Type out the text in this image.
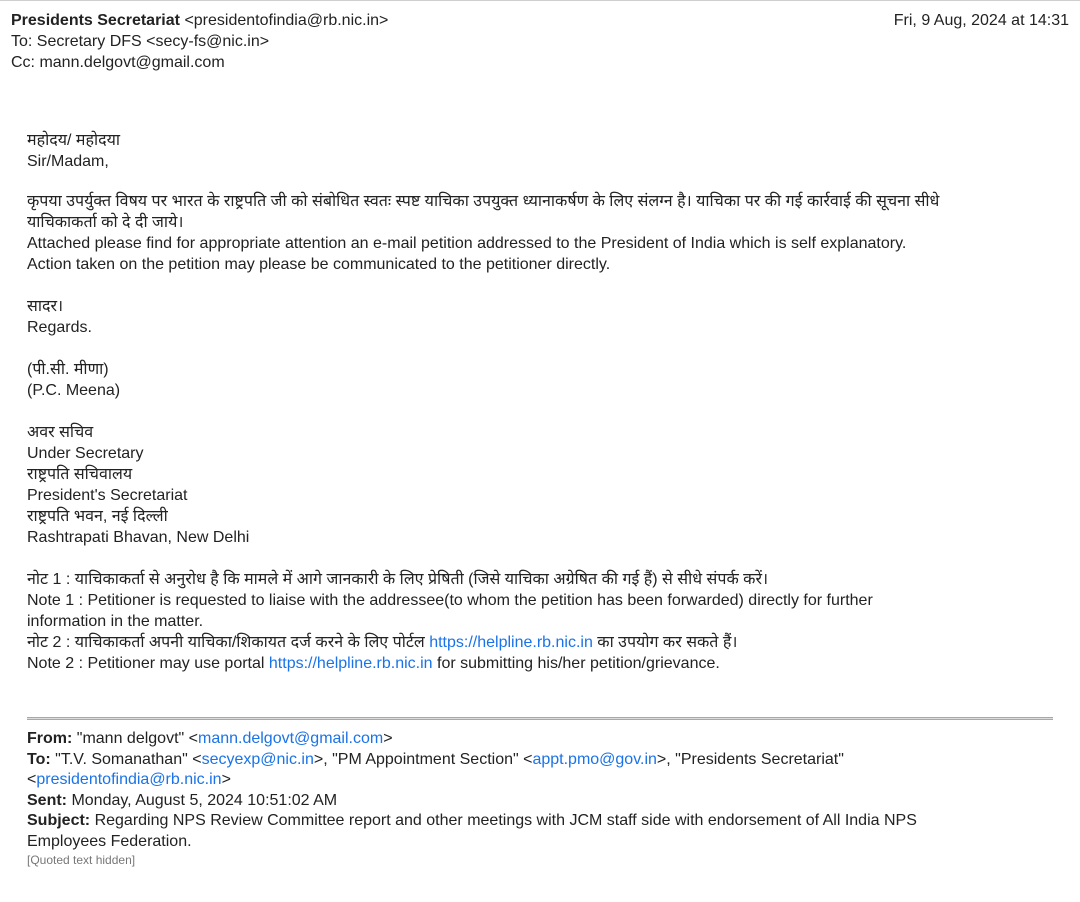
Presidents Secretariat <presidentofindia@rb.nic.in>	Fri, 9 Aug, 2024 at 14:31
To: Secretary DFS <secy-fs@nic.in>
Cc: mann.delgovt@gmail.com

महोदय/ महोदया

Sir/Madam,

कृपया उपर्युक्त विषय पर भारत के राष्ट्रपति जी को संबोधित स्वतः स्पष्ट याचिका उपयुक्त ध्यानाकर्षण के लिए संलग्न है। याचिका पर की गई कार्रवाई की सूचना सीधे

याचिकाकर्ता को दे दी जाये।

Attached please find for appropriate attention an e-mail petition addressed to the President of India which is self explanatory.

Action taken on the petition may please be communicated to the petitioner directly.

सादर।

Regards.

(पी.सी. मीणा)

(P.C. Meena)

अवर सचिव

Under Secretary

राष्ट्रपति सचिवालय

President's Secretariat

राष्ट्रपति भवन, नई दिल्ली

Rashtrapati Bhavan, New Delhi

नोट 1 : याचिकाकर्ता से अनुरोध है कि मामले में आगे जानकारी के लिए प्रेषिती (जिसे याचिका अग्रेषित की गई हैं) से सीधे संपर्क करें।

Note 1 : Petitioner is requested to liaise with the addressee(to whom the petition has been forwarded) directly for further

information in the matter.

नोट 2 : याचिकाकर्ता अपनी याचिका/शिकायत दर्ज करने के लिए पोर्टल https://helpline.rb.nic.in का उपयोग कर सकते हैं।

Note 2 : Petitioner may use portal https://helpline.rb.nic.in for submitting his/her petition/grievance.

From: "mann delgovt" <mann.delgovt@gmail.com>

To: "T.V. Somanathan" <secyexp@nic.in>, "PM Appointment Section" <appt.pmo@gov.in>, "Presidents Secretariat"

<presidentofindia@rb.nic.in>

Sent: Monday, August 5, 2024 10:51:02 AM

Subject: Regarding NPS Review Committee report and other meetings with JCM staff side with endorsement of All India NPS

Employees Federation.

[Quoted text hidden]
